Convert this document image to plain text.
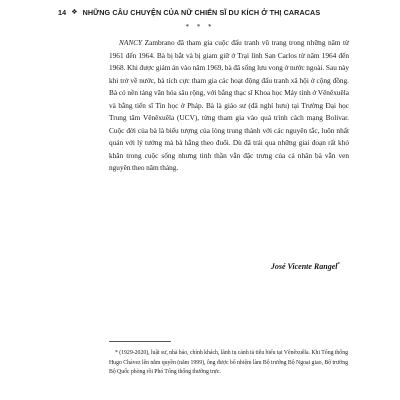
14 ❖ NHỮNG CÂU CHUYỆN CỦA NỮ CHIẾN SĨ DU KÍCH Ở THỊ CARACAS
* * *

NANCY Zambrano đã tham gia cuộc đấu tranh vũ trang trong những năm từ 1961 đến 1964. Bà bị bắt và bị giam giữ ở Trại lính San Carlos từ năm 1964 đến 1968. Khi được giảm án vào năm 1969, bà đã sống lưu vong ở nước ngoài. Sau này khi trở về nước, bà tích cực tham gia các hoạt động đấu tranh xã hội ở cộng đồng. Bà có nền tảng văn hóa sâu rộng, với bằng thạc sĩ Khoa học Máy tính ở Vênêxuêla và bằng tiến sĩ Tin học ở Pháp. Bà là giáo sư (đã nghỉ hưu) tại Trường Đại học Trung tâm Vênêxuêla (UCV), từng tham gia vào quá trình cách mạng Bolivar. Cuộc đời của bà là biểu tượng của lòng trung thành với các nguyên tắc, luôn nhất quán với lý tưởng mà bà hằng theo đuổi. Dù đã trải qua những giai đoạn rất khó khăn trong cuộc sống nhưng tinh thần vẫn đặc trưng của cá nhân bà vẫn ven nguyên theo năm tháng.

José Vicente Rangel*

* (1929-2020), luật sư, nhà báo, chính khách, lãnh tụ cánh tả tiêu biểu tại Vênêxuêla. Khi Tổng thống Hugo Chávez lên nắm quyền (năm 1999), ông được bổ nhiệm làm Bộ trưởng Bộ Ngoại giao, Bộ trưởng Bộ Quốc phòng rồi Phó Tổng thống thường trực.
